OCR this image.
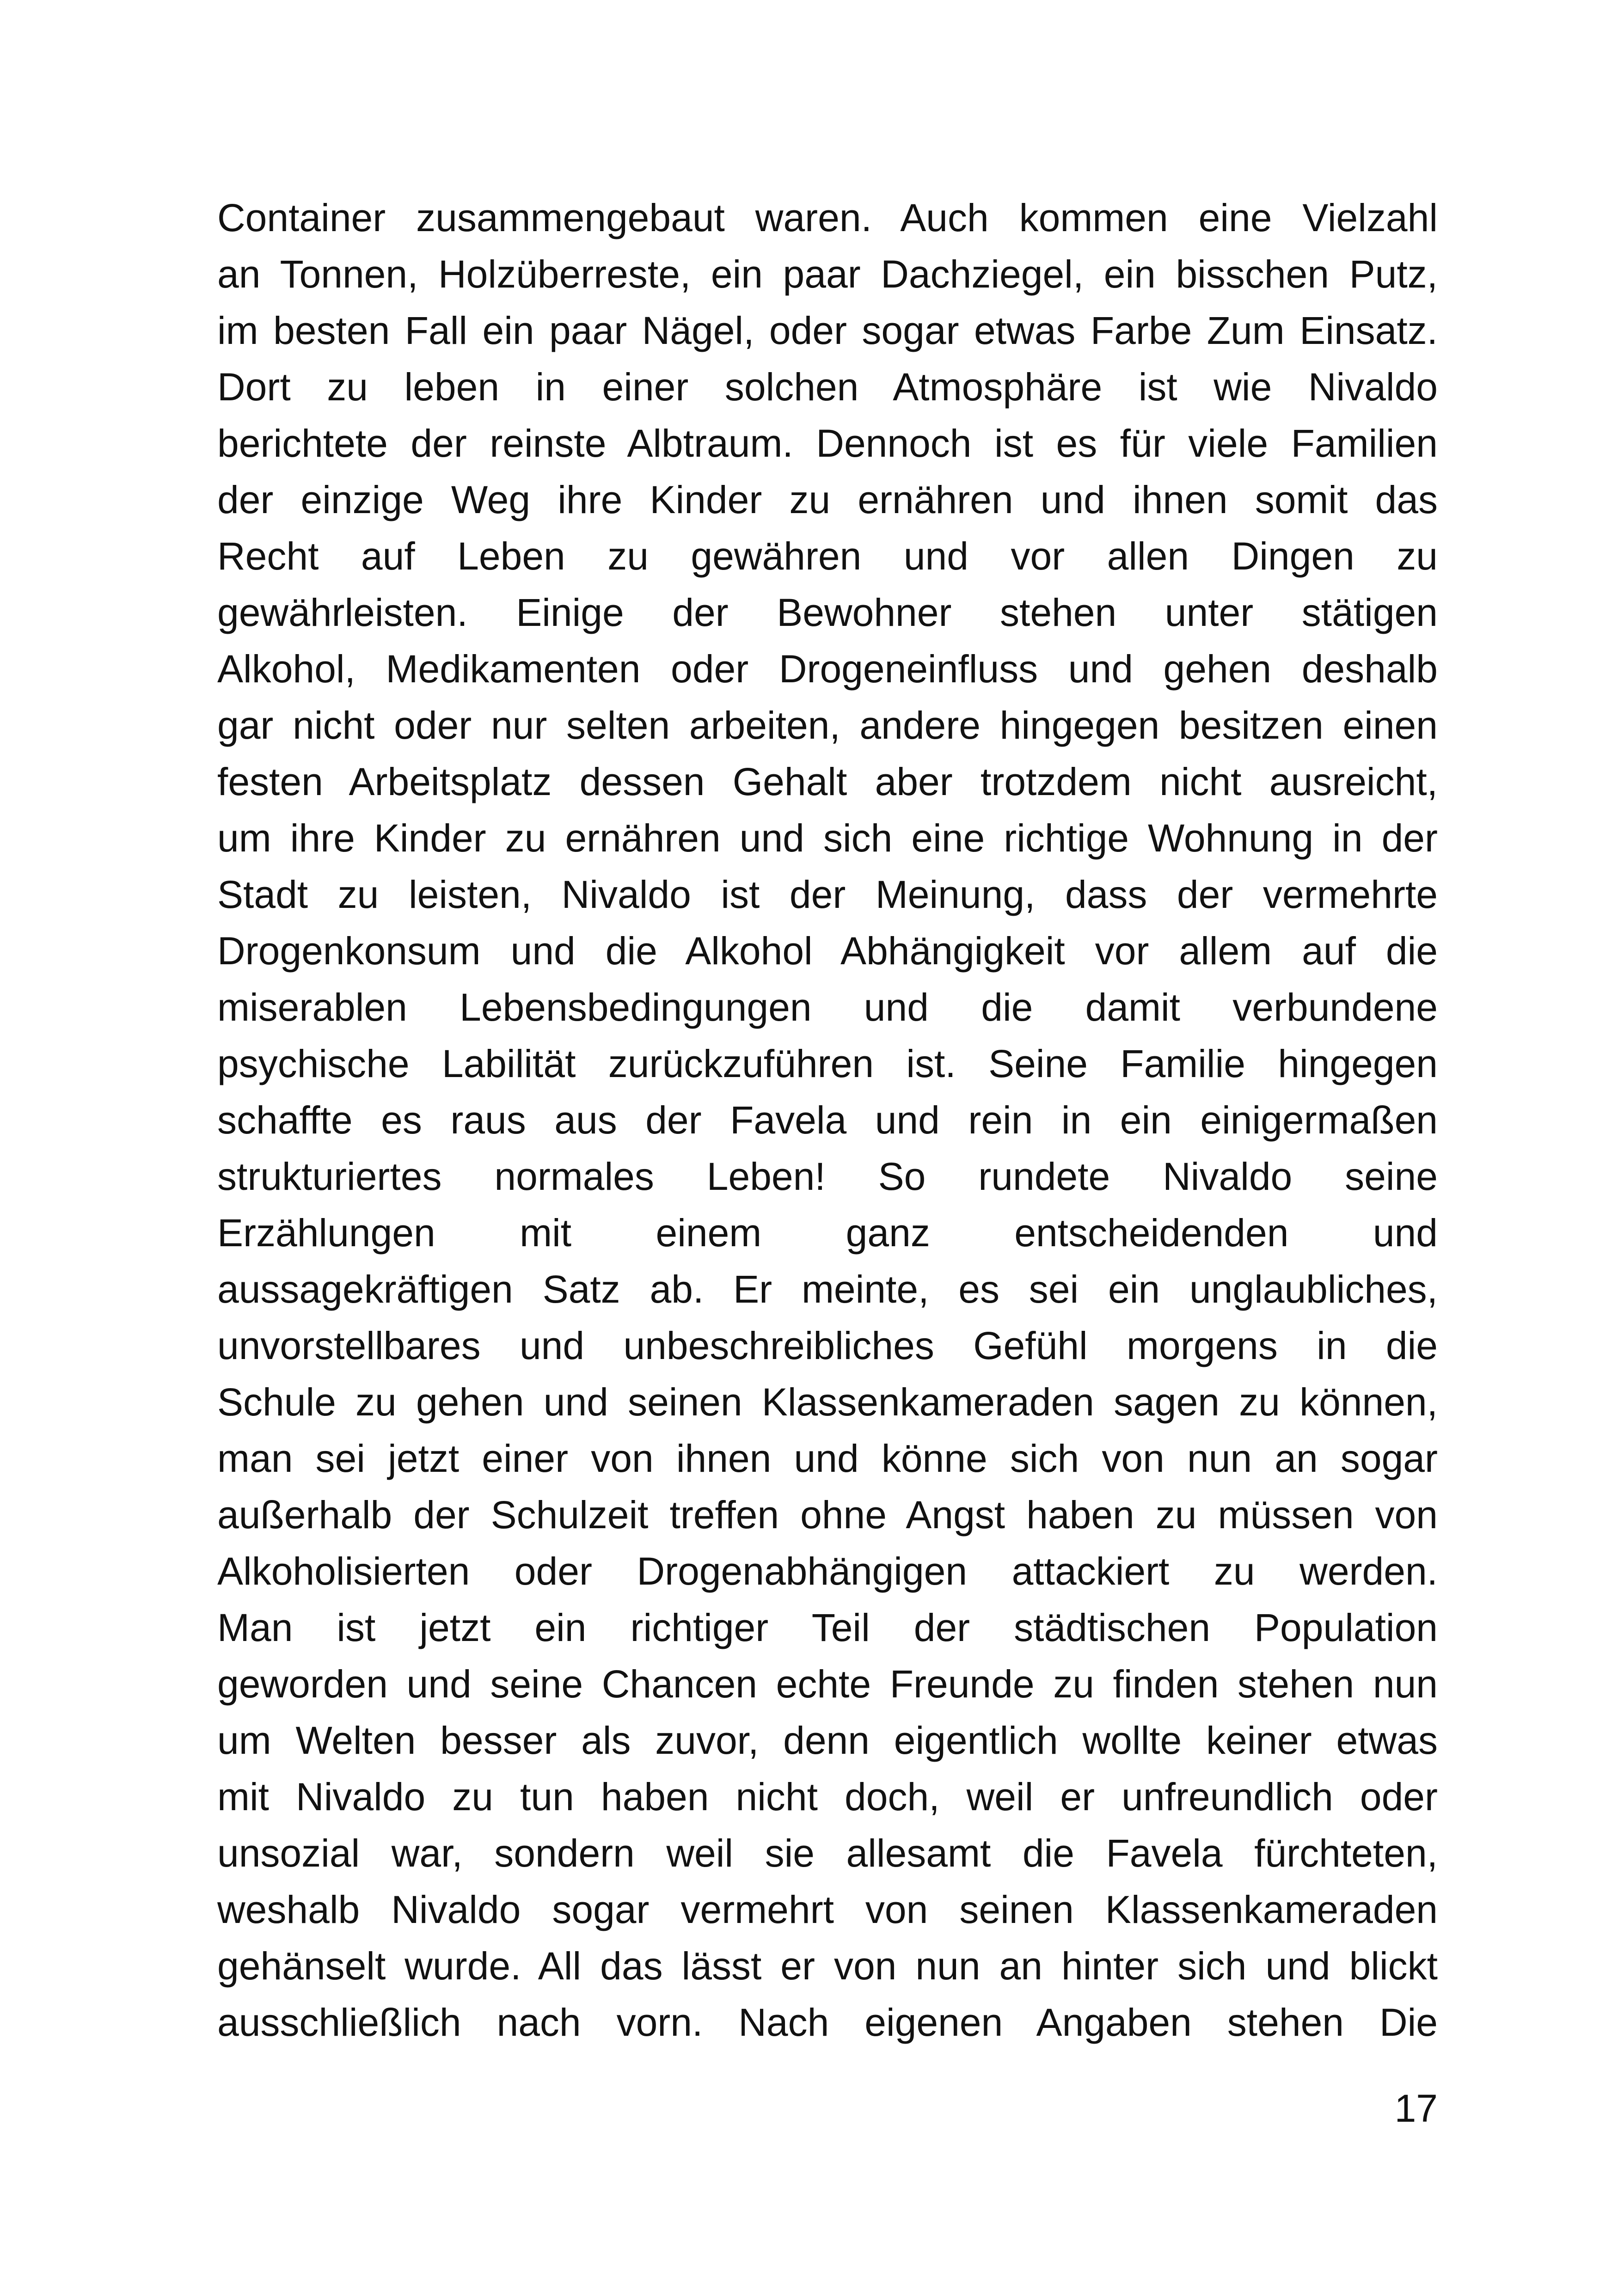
Container zusammengebaut waren. Auch kommen eine Vielzahl
an Tonnen, Holzüberreste, ein paar Dachziegel, ein bisschen Putz,
im besten Fall ein paar Nägel, oder sogar etwas Farbe Zum Einsatz.
Dort zu leben in einer solchen Atmosphäre ist wie Nivaldo
berichtete der reinste Albtraum. Dennoch ist es für viele Familien
der einzige Weg ihre Kinder zu ernähren und ihnen somit das
Recht auf Leben zu gewähren und vor allen Dingen zu
gewährleisten. Einige der Bewohner stehen unter stätigen
Alkohol, Medikamenten oder Drogeneinfluss und gehen deshalb
gar nicht oder nur selten arbeiten, andere hingegen besitzen einen
festen Arbeitsplatz dessen Gehalt aber trotzdem nicht ausreicht,
um ihre Kinder zu ernähren und sich eine richtige Wohnung in der
Stadt zu leisten, Nivaldo ist der Meinung, dass der vermehrte
Drogenkonsum und die Alkohol Abhängigkeit vor allem auf die
miserablen Lebensbedingungen und die damit verbundene
psychische Labilität zurückzuführen ist. Seine Familie hingegen
schaffte es raus aus der Favela und rein in ein einigermaßen
strukturiertes normales Leben! So rundete Nivaldo seine
Erzählungen mit einem ganz entscheidenden und
aussagekräftigen Satz ab. Er meinte, es sei ein unglaubliches,
unvorstellbares und unbeschreibliches Gefühl morgens in die
Schule zu gehen und seinen Klassenkameraden sagen zu können,
man sei jetzt einer von ihnen und könne sich von nun an sogar
außerhalb der Schulzeit treffen ohne Angst haben zu müssen von
Alkoholisierten oder Drogenabhängigen attackiert zu werden.
Man ist jetzt ein richtiger Teil der städtischen Population
geworden und seine Chancen echte Freunde zu finden stehen nun
um Welten besser als zuvor, denn eigentlich wollte keiner etwas
mit Nivaldo zu tun haben nicht doch, weil er unfreundlich oder
unsozial war, sondern weil sie allesamt die Favela fürchteten,
weshalb Nivaldo sogar vermehrt von seinen Klassenkameraden
gehänselt wurde. All das lässt er von nun an hinter sich und blickt
ausschließlich nach vorn. Nach eigenen Angaben stehen Die
17
